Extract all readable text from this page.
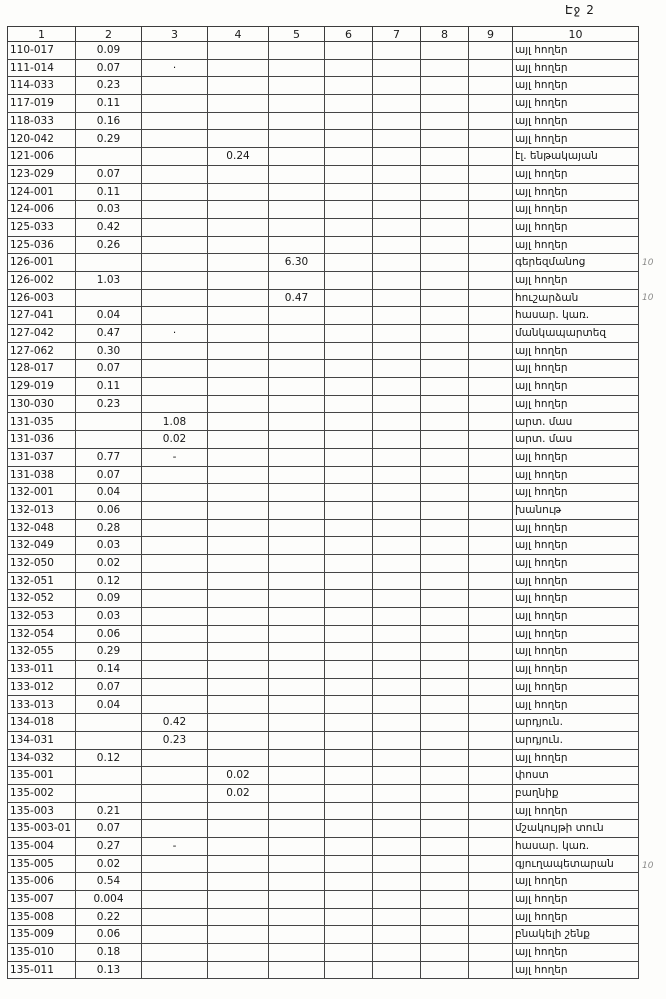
Էջ 2
1	2	3	4	5	6	7	8	9	10
110-017	0.09								այլ հողեր
111-014	0.07	·							այլ հողեր
114-033	0.23								այլ հողեր
117-019	0.11								այլ հողեր
118-033	0.16								այլ հողեր
120-042	0.29								այլ հողեր
121-006			0.24						էլ. ենթակայան
123-029	0.07								այլ հողեր
124-001	0.11								այլ հողեր
124-006	0.03								այլ հողեր
125-033	0.42								այլ հողեր
125-036	0.26								այլ հողեր
126-001				6.30					գերեզմանոց
126-002	1.03								այլ հողեր
126-003				0.47					հուշարձան
127-041	0.04								հասար. կառ.
127-042	0.47	·							մանկապարտեզ
127-062	0.30								այլ հողեր
128-017	0.07								այլ հողեր
129-019	0.11								այլ հողեր
130-030	0.23								այլ հողեր
131-035		1.08							արտ. մաս
131-036		0.02							արտ. մաս
131-037	0.77	-							այլ հողեր
131-038	0.07								այլ հողեր
132-001	0.04								այլ հողեր
132-013	0.06								խանութ
132-048	0.28								այլ հողեր
132-049	0.03								այլ հողեր
132-050	0.02								այլ հողեր
132-051	0.12								այլ հողեր
132-052	0.09								այլ հողեր
132-053	0.03								այլ հողեր
132-054	0.06								այլ հողեր
132-055	0.29								այլ հողեր
133-011	0.14								այլ հողեր
133-012	0.07								այլ հողեր
133-013	0.04								այլ հողեր
134-018		0.42							արդյուն.
134-031		0.23							արդյուն.
134-032	0.12								այլ հողեր
135-001			0.02						փոստ
135-002			0.02						բաղնիք
135-003	0.21								այլ հողեր
135-003-01	0.07								մշակույթի տուն
135-004	0.27	-							հասար. կառ.
135-005	0.02								գյուղապետարան
135-006	0.54								այլ հողեր
135-007	0.004								այլ հողեր
135-008	0.22								այլ հողեր
135-009	0.06								բնակելի շենք
135-010	0.18								այլ հողեր
135-011	0.13								այլ հողեր
10
10
10
